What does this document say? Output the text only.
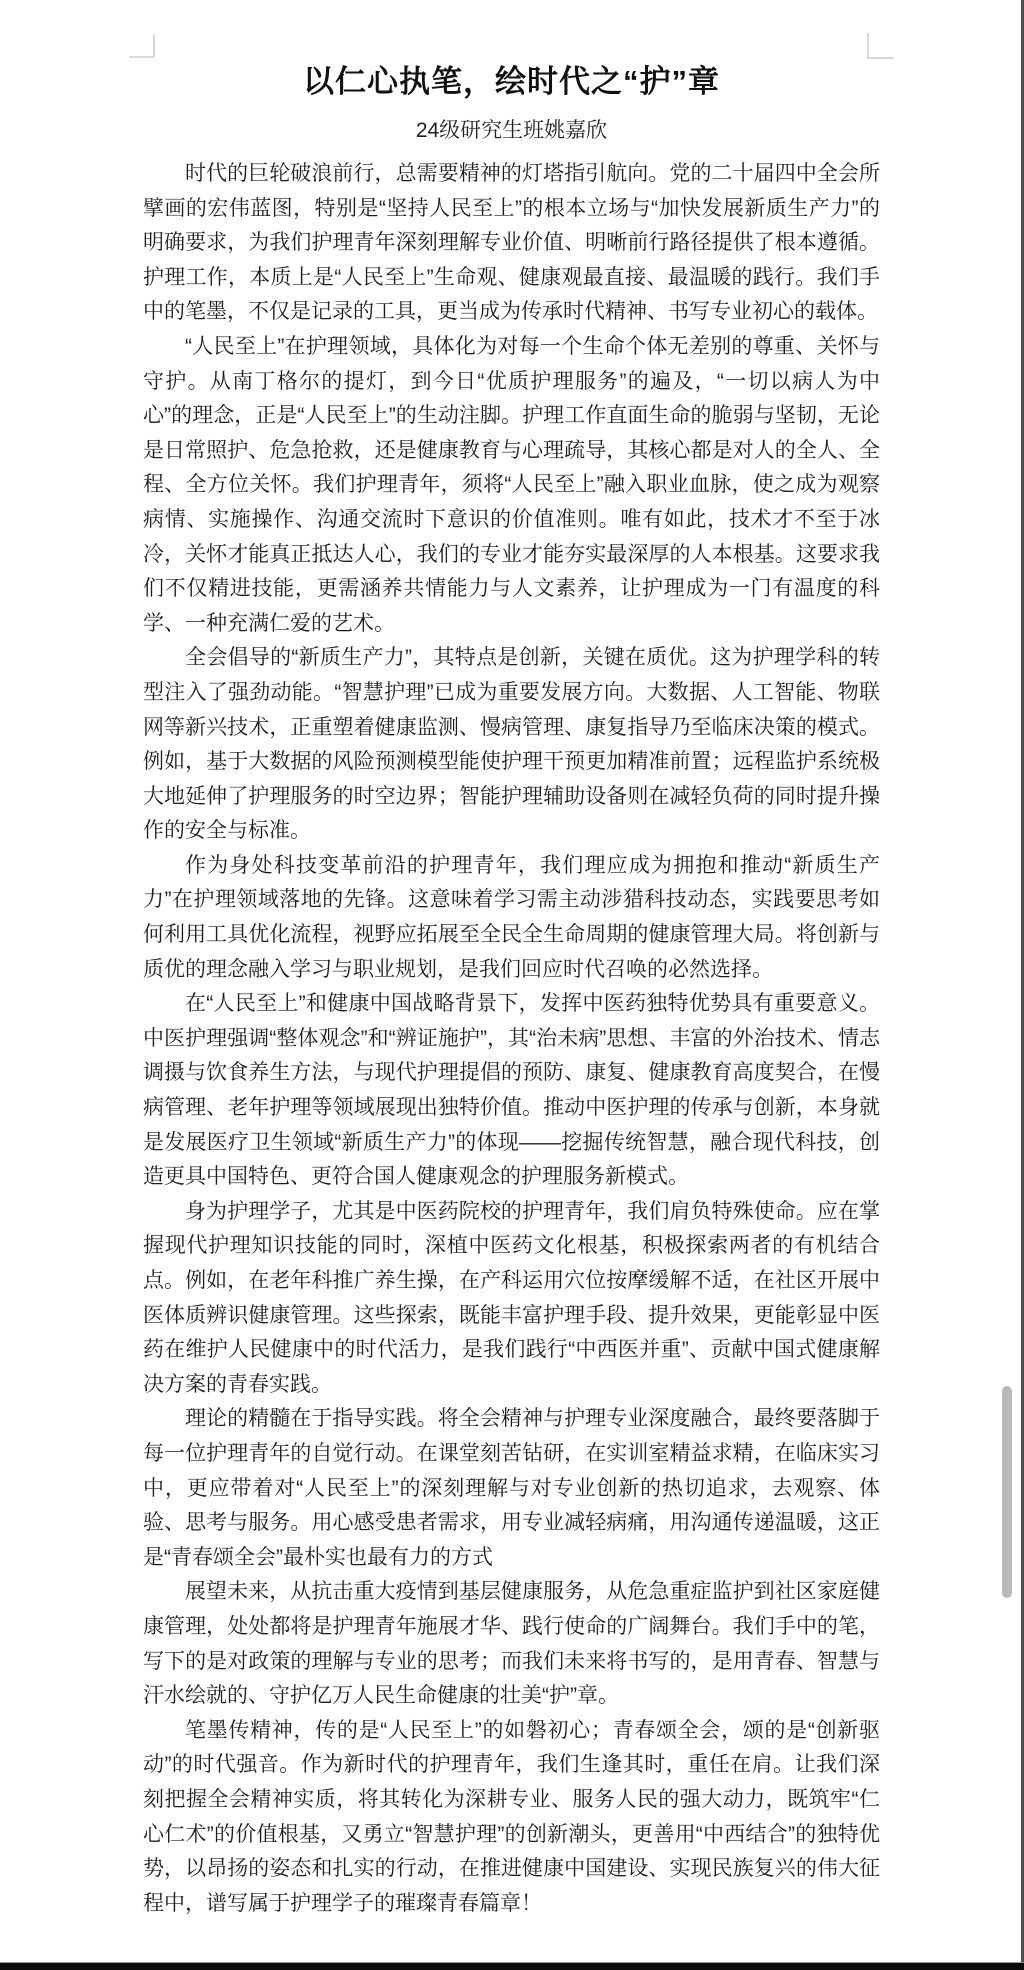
以仁心执笔，绘时代之“护”章
24级研究生班姚嘉欣

时代的巨轮破浪前行，总需要精神的灯塔指引航向。党的二十届四中全会所擘画的宏伟蓝图，特别是“坚持人民至上”的根本立场与“加快发展新质生产力”的明确要求，为我们护理青年深刻理解专业价值、明晰前行路径提供了根本遵循。护理工作，本质上是“人民至上”生命观、健康观最直接、最温暖的践行。我们手中的笔墨，不仅是记录的工具，更当成为传承时代精神、书写专业初心的载体。

“人民至上”在护理领域，具体化为对每一个生命个体无差别的尊重、关怀与守护。从南丁格尔的提灯，到今日“优质护理服务”的遍及，“一切以病人为中心”的理念，正是“人民至上”的生动注脚。护理工作直面生命的脆弱与坚韧，无论是日常照护、危急抢救，还是健康教育与心理疏导，其核心都是对人的全人、全程、全方位关怀。我们护理青年，须将“人民至上”融入职业血脉，使之成为观察病情、实施操作、沟通交流时下意识的价值准则。唯有如此，技术才不至于冰冷，关怀才能真正抵达人心，我们的专业才能夯实最深厚的人本根基。这要求我们不仅精进技能，更需涵养共情能力与人文素养，让护理成为一门有温度的科学、一种充满仁爱的艺术。

全会倡导的“新质生产力”，其特点是创新，关键在质优。这为护理学科的转型注入了强劲动能。“智慧护理”已成为重要发展方向。大数据、人工智能、物联网等新兴技术，正重塑着健康监测、慢病管理、康复指导乃至临床决策的模式。例如，基于大数据的风险预测模型能使护理干预更加精准前置；远程监护系统极大地延伸了护理服务的时空边界；智能护理辅助设备则在减轻负荷的同时提升操作的安全与标准。

作为身处科技变革前沿的护理青年，我们理应成为拥抱和推动“新质生产力”在护理领域落地的先锋。这意味着学习需主动涉猎科技动态，实践要思考如何利用工具优化流程，视野应拓展至全民全生命周期的健康管理大局。将创新与质优的理念融入学习与职业规划，是我们回应时代召唤的必然选择。

在“人民至上”和健康中国战略背景下，发挥中医药独特优势具有重要意义。中医护理强调“整体观念”和“辨证施护”，其“治未病”思想、丰富的外治技术、情志调摄与饮食养生方法，与现代护理提倡的预防、康复、健康教育高度契合，在慢病管理、老年护理等领域展现出独特价值。推动中医护理的传承与创新，本身就是发展医疗卫生领域“新质生产力”的体现——挖掘传统智慧，融合现代科技，创造更具中国特色、更符合国人健康观念的护理服务新模式。

身为护理学子，尤其是中医药院校的护理青年，我们肩负特殊使命。应在掌握现代护理知识技能的同时，深植中医药文化根基，积极探索两者的有机结合点。例如，在老年科推广养生操，在产科运用穴位按摩缓解不适，在社区开展中医体质辨识健康管理。这些探索，既能丰富护理手段、提升效果，更能彰显中医药在维护人民健康中的时代活力，是我们践行“中西医并重”、贡献中国式健康解决方案的青春实践。

理论的精髓在于指导实践。将全会精神与护理专业深度融合，最终要落脚于每一位护理青年的自觉行动。在课堂刻苦钻研，在实训室精益求精，在临床实习中，更应带着对“人民至上”的深刻理解与对专业创新的热切追求，去观察、体验、思考与服务。用心感受患者需求，用专业减轻病痛，用沟通传递温暖，这正是“青春颂全会”最朴实也最有力的方式

展望未来，从抗击重大疫情到基层健康服务，从危急重症监护到社区家庭健康管理，处处都将是护理青年施展才华、践行使命的广阔舞台。我们手中的笔，写下的是对政策的理解与专业的思考；而我们未来将书写的，是用青春、智慧与汗水绘就的、守护亿万人民生命健康的壮美“护”章。

笔墨传精神，传的是“人民至上”的如磐初心；青春颂全会，颂的是“创新驱动”的时代强音。作为新时代的护理青年，我们生逢其时，重任在肩。让我们深刻把握全会精神实质，将其转化为深耕专业、服务人民的强大动力，既筑牢“仁心仁术”的价值根基，又勇立“智慧护理”的创新潮头，更善用“中西结合”的独特优势，以昂扬的姿态和扎实的行动，在推进健康中国建设、实现民族复兴的伟大征程中，谱写属于护理学子的璀璨青春篇章！
